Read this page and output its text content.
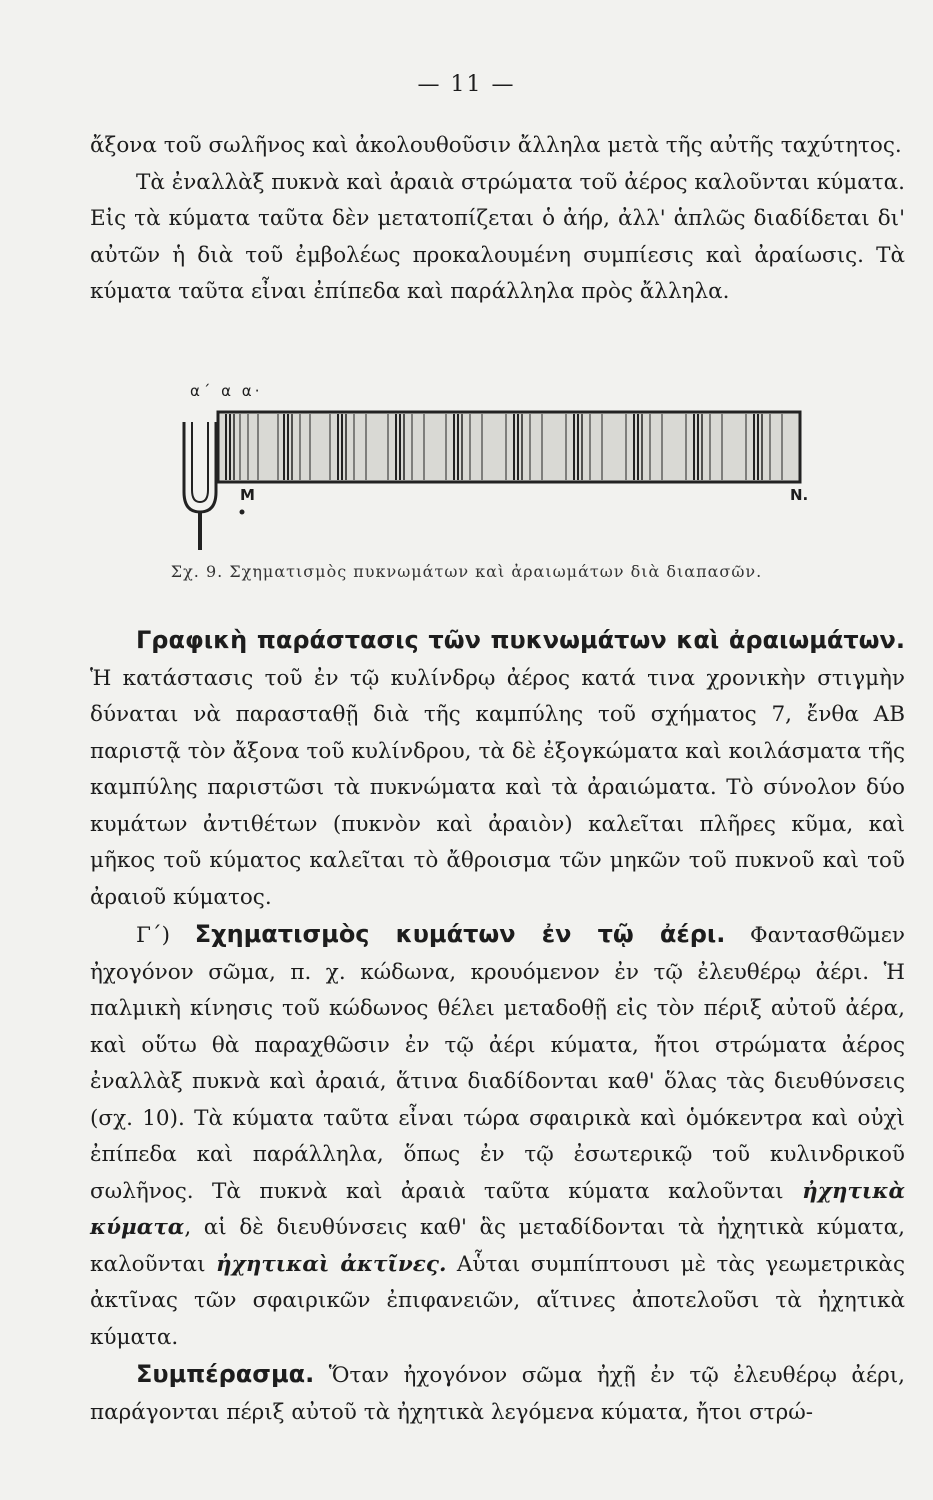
— 11 —

ἄξονα τοῦ σωλῆνος καὶ ἀκολουθοῦσιν ἄλληλα μετὰ τῆς αὐτῆς ταχύτητος.

Τὰ ἐναλλὰξ πυκνὰ καὶ ἀραιὰ στρώματα τοῦ ἀέρος καλοῦνται κύματα. Εἰς τὰ κύματα ταῦτα δὲν μετατοπίζεται ὁ ἀήρ, ἀλλ' ἁπλῶς διαδίδεται δι' αὐτῶν ἡ διὰ τοῦ ἐμβολέως προκαλουμένη συμπίεσις καὶ ἀραίωσις. Τὰ κύματα ταῦτα εἶναι ἐπίπεδα καὶ παράλληλα πρὸς ἄλληλα.

α΄ α α·
Μ	Ν.
Σχ. 9. Σχηματισμὸς πυκνωμάτων καὶ ἀραιωμάτων διὰ διαπασῶν.

Γραφικὴ παράστασις τῶν πυκνωμάτων καὶ ἀραιωμάτων. Ἡ κατάστασις τοῦ ἐν τῷ κυλίνδρῳ ἀέρος κατά τινα χρονικὴν στιγμὴν δύναται νὰ παρασταθῇ διὰ τῆς καμπύλης τοῦ σχήματος 7, ἔνθα ΑΒ παριστᾷ τὸν ἄξονα τοῦ κυλίνδρου, τὰ δὲ ἐξογκώματα καὶ κοιλάσματα τῆς καμπύλης παριστῶσι τὰ πυκνώματα καὶ τὰ ἀραιώματα. Τὸ σύνολον δύο κυμάτων ἀντιθέτων (πυκνὸν καὶ ἀραιὸν) καλεῖται πλῆρες κῦμα, καὶ μῆκος τοῦ κύματος καλεῖται τὸ ἄθροισμα τῶν μηκῶν τοῦ πυκνοῦ καὶ τοῦ ἀραιοῦ κύματος.

Γ΄) Σχηματισμὸς κυμάτων ἐν τῷ ἀέρι. Φαντασθῶμεν ἠχογόνον σῶμα, π. χ. κώδωνα, κρουόμενον ἐν τῷ ἐλευθέρῳ ἀέρι. Ἡ παλμικὴ κίνησις τοῦ κώδωνος θέλει μεταδοθῇ εἰς τὸν πέριξ αὐτοῦ ἀέρα, καὶ οὕτω θὰ παραχθῶσιν ἐν τῷ ἀέρι κύματα, ἤτοι στρώματα ἀέρος ἐναλλὰξ πυκνὰ καὶ ἀραιά, ἅτινα διαδίδονται καθ' ὅλας τὰς διευθύνσεις (σχ. 10). Τὰ κύματα ταῦτα εἶναι τώρα σφαιρικὰ καὶ ὁμόκεντρα καὶ οὐχὶ ἐπίπεδα καὶ παράλληλα, ὅπως ἐν τῷ ἐσωτερικῷ τοῦ κυλινδρικοῦ σωλῆνος. Τὰ πυκνὰ καὶ ἀραιὰ ταῦτα κύματα καλοῦνται ἠχητικὰ κύματα, αἱ δὲ διευθύνσεις καθ' ἃς μεταδίδονται τὰ ἠχητικὰ κύματα, καλοῦνται ἠχητικαὶ ἀκτῖνες. Αὗται συμπίπτουσι μὲ τὰς γεωμετρικὰς ἀκτῖνας τῶν σφαιρικῶν ἐπιφανειῶν, αἵτινες ἀποτελοῦσι τὰ ἠχητικὰ κύματα.

Συμπέρασμα. Ὅταν ἠχογόνον σῶμα ἠχῇ ἐν τῷ ἐλευθέρῳ ἀέρι, παράγονται πέριξ αὐτοῦ τὰ ἠχητικὰ λεγόμενα κύματα, ἤτοι στρώ-
